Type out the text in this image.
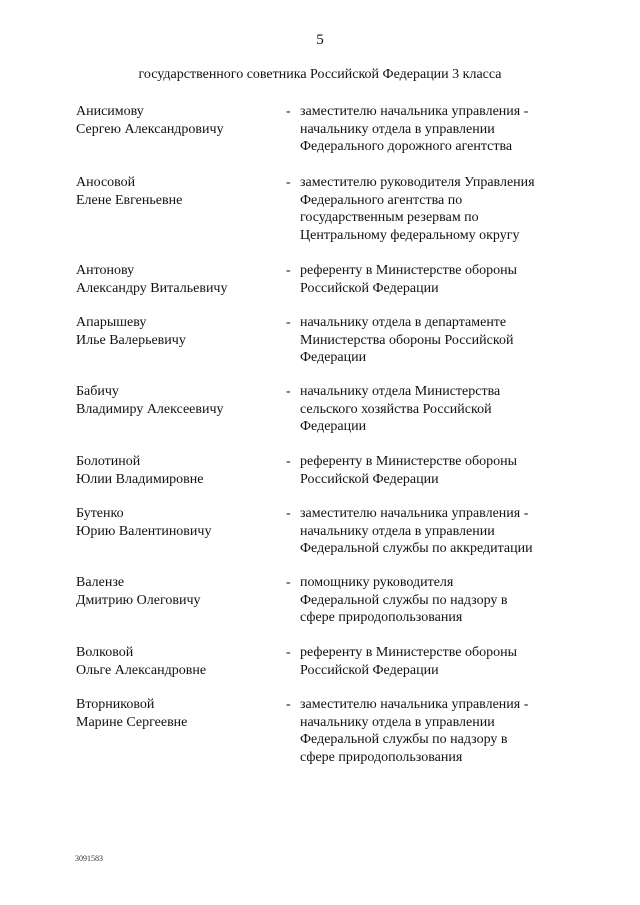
5
государственного советника Российской Федерации 3 класса
Анисимову
Сергею Александровичу
- заместителю начальника управления -
начальнику отдела в управлении
Федерального дорожного агентства
Аносовой
Елене Евгеньевне
- заместителю руководителя Управления
Федерального агентства по
государственным резервам по
Центральному федеральному округу
Антонову
Александру Витальевичу
- референту в Министерстве обороны
Российской Федерации
Апарышеву
Илье Валерьевичу
- начальнику отдела в департаменте
Министерства обороны Российской
Федерации
Бабичу
Владимиру Алексеевичу
- начальнику отдела Министерства
сельского хозяйства Российской
Федерации
Болотиной
Юлии Владимировне
- референту в Министерстве обороны
Российской Федерации
Бутенко
Юрию Валентиновичу
- заместителю начальника управления -
начальнику отдела в управлении
Федеральной службы по аккредитации
Валензе
Дмитрию Олеговичу
- помощнику руководителя
Федеральной службы по надзору в
сфере природопользования
Волковой
Ольге Александровне
- референту в Министерстве обороны
Российской Федерации
Вторниковой
Марине Сергеевне
- заместителю начальника управления -
начальнику отдела в управлении
Федеральной службы по надзору в
сфере природопользования
3091583
